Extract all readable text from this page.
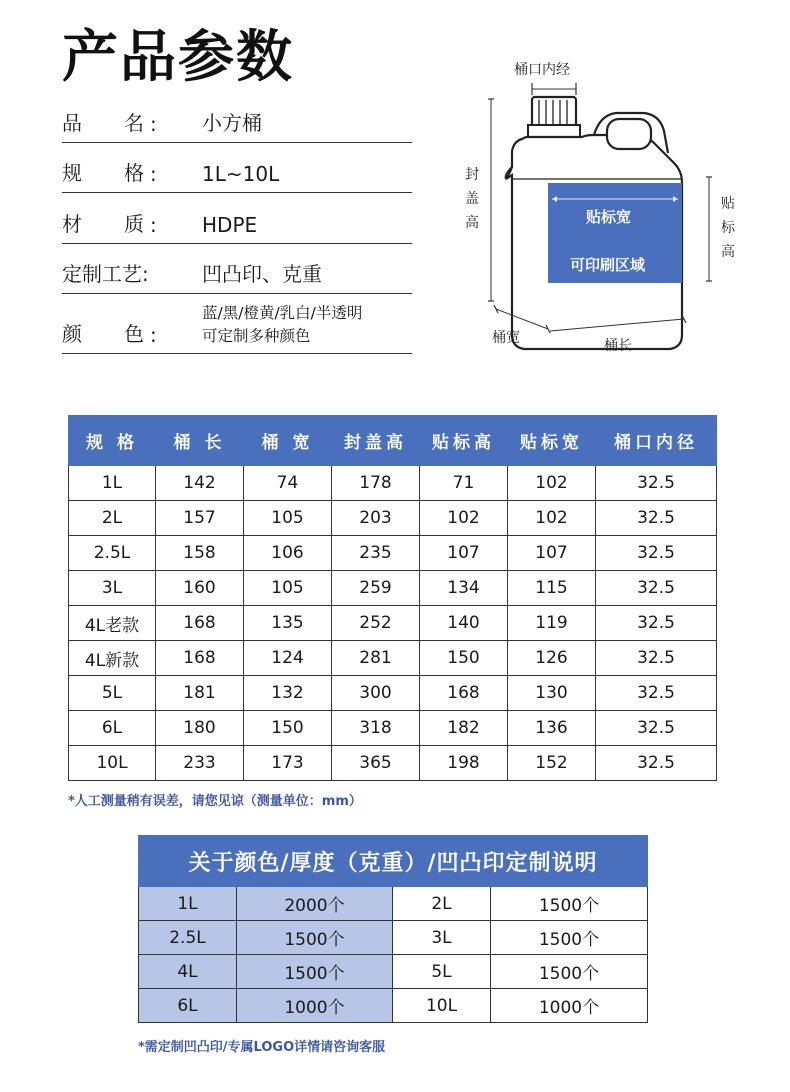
产品参数
品 名 : 小方桶
规 格 : 1L~10L
材 质 : HDPE
定制工艺:	凹凸印、克重
颜 色 :
蓝/黑/橙黄/乳白/半透明
可定制多种颜色
桶口内经
封
盖
高
贴
标
高
贴标宽
可印刷区域
桶宽	桶长
规 格	桶 长	桶 宽	封盖高	贴标高	贴标宽	桶口内径
1L	142	74	178	71	102	32.5
2L	157	105	203	102	102	32.5
2.5L	158	106	235	107	107	32.5
3L	160	105	259	134	115	32.5
4L老款	168	135	252	140	119	32.5
4L新款	168	124	281	150	126	32.5
5L	181	132	300	168	130	32.5
6L	180	150	318	182	136	32.5
10L	233	173	365	198	152	32.5
*人工测量稍有误差，请您见谅（测量单位：mm）
关于颜色/厚度（克重）/凹凸印定制说明			
1L	2000个	2L	1500个
2.5L	1500个	3L	1500个
4L	1500个	5L	1500个
6L	1000个	10L	1000个
*需定制凹凸印/专属LOGO详情请咨询客服
